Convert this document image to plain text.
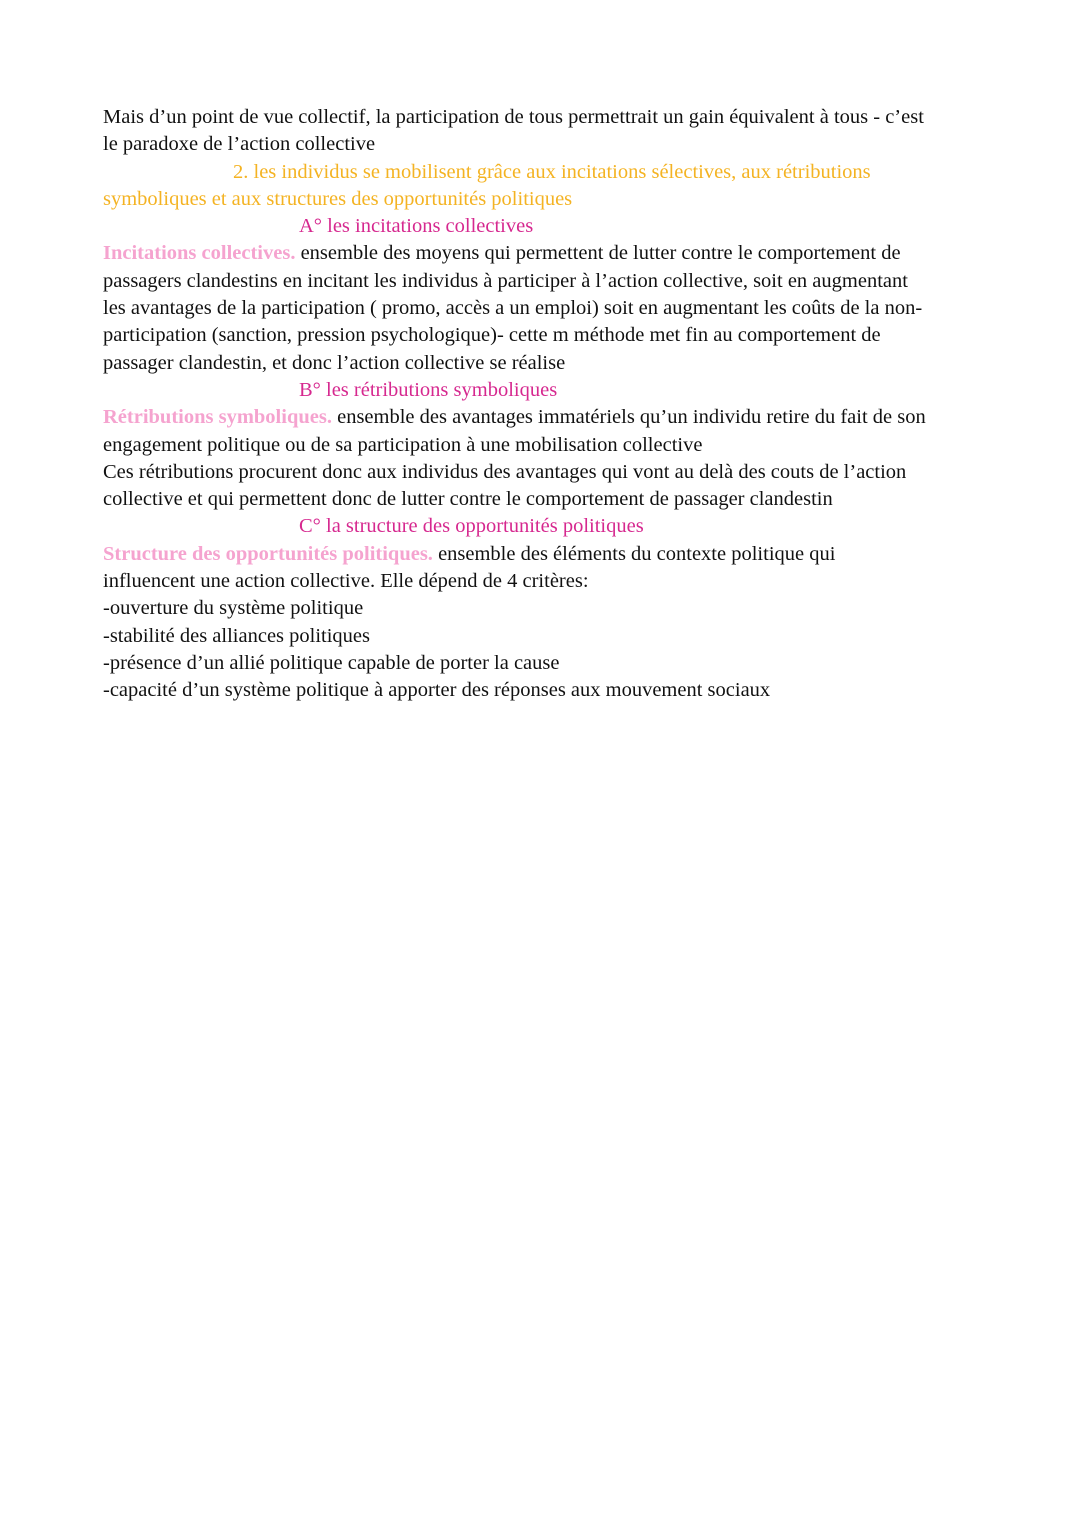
Mais d’un point de vue collectif, la participation de tous permettrait un gain équivalent à tous - c’est
le paradoxe de l’action collective
2. les individus se mobilisent grâce aux incitations sélectives, aux rétributions
symboliques et aux structures des opportunités politiques
A° les incitations collectives
Incitations collectives. ensemble des moyens qui permettent de lutter contre le comportement de
passagers clandestins en incitant les individus à participer à l’action collective, soit en augmentant
les avantages de la participation ( promo, accès a un emploi) soit en augmentant les coûts de la non-
participation (sanction, pression psychologique)- cette m méthode met fin au comportement de
passager clandestin, et donc l’action collective se réalise
B° les rétributions symboliques
Rétributions symboliques. ensemble des avantages immatériels qu’un individu retire du fait de son
engagement politique ou de sa participation à une mobilisation collective
Ces rétributions procurent donc aux individus des avantages qui vont au delà des couts de l’action
collective et qui permettent donc de lutter contre le comportement de passager clandestin
C° la structure des opportunités politiques
Structure des opportunités politiques. ensemble des éléments du contexte politique qui
influencent une action collective. Elle dépend de 4 critères:
-ouverture du système politique
-stabilité des alliances politiques
-présence d’un allié politique capable de porter la cause
-capacité d’un système politique à apporter des réponses aux mouvement sociaux
